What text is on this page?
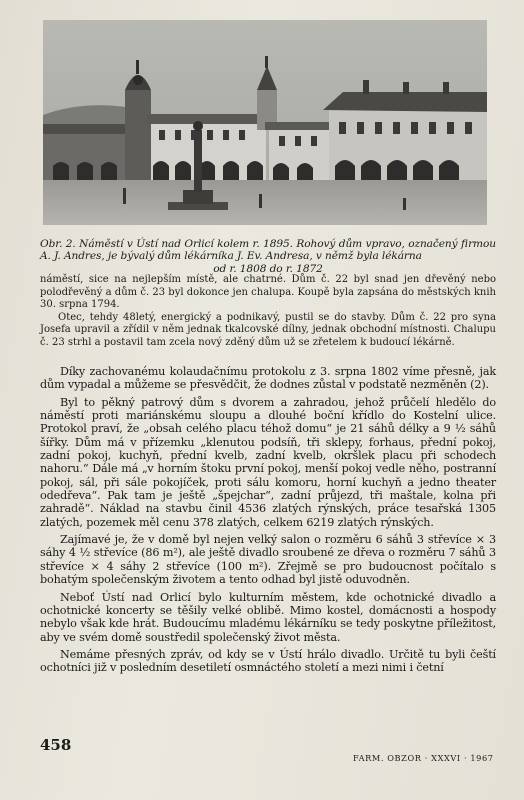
Obr. 2. Náměstí v Ústí nad Orlicí kolem r. 1895. Rohový dům vpravo, označený firmou A. J. Andres, je bývalý dům lékárníka J. Ev. Andresa, v němž byla lékárna
od r. 1808 do r. 1872

náměstí, sice na nejlepším místě, ale chatrné. Dům č. 22 byl snad jen dřevěný nebo polodřevěný a dům č. 23 byl dokonce jen chalupa. Koupě byla zapsána do městských knih 30. srpna 1794.

Otec, tehdy 48letý, energický a podnikavý, pustil se do stavby. Dům č. 22 pro syna Josefa upravil a zřídil v něm jednak tkalcovské dílny, jednak obchodní místnosti. Chalupu č. 23 strhl a postavil tam zcela nový zděný dům už se zřetelem k budoucí lékárně.

Díky zachovanému kolaudačnímu protokolu z 3. srpna 1802 víme přesně, jak dům vypadal a můžeme se přesvědčit, že dodnes zůstal v podstatě nezměněn (2).

Byl to pěkný patrový dům s dvorem a zahradou, jehož průčelí hledělo do náměstí proti mariánskému sloupu a dlouhé boční křídlo do Kostelní ulice. Protokol praví, že „obsah celého placu téhož domu“ je 21 sáhů délky a 9 ½ sáhů šířky. Dům má v přízemku „klenutou podsíň, tři sklepy, forhaus, přední pokoj, zadní pokoj, kuchyň, přední kvelb, zadní kvelb, okršlek placu při schodech nahoru.“ Dále má „v horním štoku první pokoj, menší pokoj vedle něho, postranní pokoj, sál, při sále pokojíček, proti sálu komoru, horní kuchyň a jedno theater odedřeva“. Pak tam je ještě „špejchar“, zadní průjezd, tři maštale, kolna při zahradě“. Náklad na stavbu činil 4536 zlatých rýnských, práce tesařská 1305 zlatých, pozemek měl cenu 378 zlatých, celkem 6219 zlatých rýnských.

Zajímavé je, že v domě byl nejen velký salon o rozměru 6 sáhů 3 střevíce × 3 sáhy 4 ½ střevíce (86 m²), ale ještě divadlo sroubené ze dřeva o rozměru 7 sáhů 3 střevíce × 4 sáhy 2 střevíce (100 m²). Zřejmě se pro budoucnost počítalo s bohatým společenským životem a tento odhad byl jistě oduvodněn.

Neboť Ústí nad Orlicí bylo kulturním městem, kde ochotnické divadlo a ochotnické koncerty se těšily velké oblibě. Mimo kostel, domácnosti a hospody nebylo však kde hrát. Budoucímu mladému lékárníku se tedy poskytne příležitost, aby ve svém domě soustředil společenský život města.

Nemáme přesných zpráv, od kdy se v Ústí hrálo divadlo. Určitě tu byli čeští ochotníci již v posledním desetiletí osmnáctého století a mezi nimi i četní

458
FARM. OBZOR · XXXVI · 1967
